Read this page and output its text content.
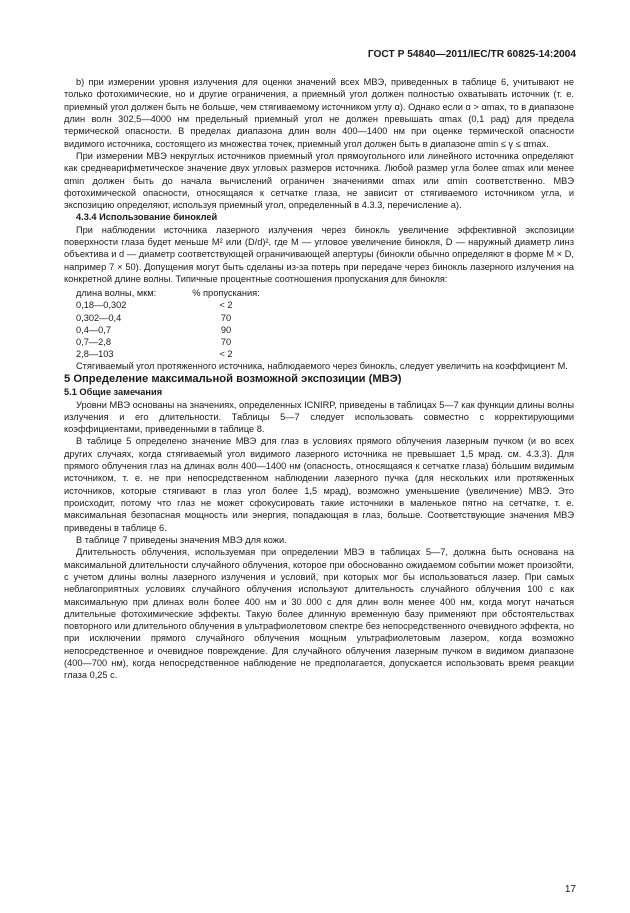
ГОСТ Р 54840—2011/IEC/TR 60825-14:2004

b) при измерении уровня излучения для оценки значений всех МВЭ, приведенных в таблице 6, учитывают не только фотохимические, но и другие ограничения, а приемный угол должен полностью охватывать источник (т. е. приемный угол должен быть не больше, чем стягиваемому источником углу α). Однако если α > αmax, то в диапазоне длин волн 302,5—4000 нм предельный приемный угол не должен превышать αmax (0,1 рад) для предела термической опасности. В пределах диапазона длин волн 400—1400 нм при оценке термической опасности видимого источника, состоящего из множества точек, приемный угол должен быть в диапазоне αmin ≤ γ ≤ αmax.

При измерении МВЭ некруглых источников приемный угол прямоугольного или линейного источника определяют как среднеарифметическое значение двух угловых размеров источника. Любой размер угла более αmax или менее αmin должен быть до начала вычислений ограничен значениями αmax или αmin соответственно. МВЭ фотохимической опасности, относящаяся к сетчатке глаза, не зависит от стягиваемого источником угла, и экспозицию определяют, используя приемный угол, определенный в 4.3.3, перечисление а).

4.3.4 Использование биноклей

При наблюдении источника лазерного излучения через бинокль увеличение эффективной экспозиции поверхности глаза будет меньше M² или (D/d)², где M — угловое увеличение бинокля, D — наружный диаметр линз объектива и d — диаметр соответствующей ограничивающей апертуры (бинокли обычно определяют в форме M × D, например 7 × 50). Допущения могут быть сделаны из-за потерь при передаче через бинокль лазерного излучения на конкретной длине волны. Типичные процентные соотношения пропускания для бинокля:

длина волны, мкм:	% пропускания:
0,18—0,302	< 2
0,302—0,4	70
0,4—0,7	90
0,7—2,8	70
2,8—103	< 2

Стягиваемый угол протяженного источника, наблюдаемого через бинокль, следует увеличить на коэффициент M.

5 Определение максимальной возможной экспозиции (МВЭ)

5.1 Общие замечания

Уровни МВЭ основаны на значениях, определенных ICNIRP, приведены в таблицах 5—7 как функции длины волны излучения и его длительности. Таблицы 5—7 следует использовать совместно с корректирующими коэффициентами, приведенными в таблице 8.

В таблице 5 определено значение МВЭ для глаз в условиях прямого облучения лазерным пучком (и во всех других случаях, когда стягиваемый угол видимого лазерного источника не превышает 1,5 мрад. см. 4.3.3). Для прямого облучения глаз на длинах волн 400—1400 нм (опасность, относящаяся к сетчатке глаза) бо́льшим видимым источником, т. е. не при непосредственном наблюдении лазерного пучка (для нескольких или протяженных источников, которые стягивают в глаз угол более 1,5 мрад), возможно уменьшение (увеличение) МВЭ. Это происходит, потому что глаз не может сфокусировать такие источники в маленькое пятно на сетчатке, т. е. максимальная безопасная мощность или энергия, попадающая в глаз, больше. Соответствующие значения МВЭ приведены в таблице 6.

В таблице 7 приведены значения МВЭ для кожи.

Длительность облучения, используемая при определении МВЭ в таблицах 5—7, должна быть основана на максимальной длительности случайного облучения, которое при обоснованно ожидаемом событии может произойти, с учетом длины волны лазерного излучения и условий, при которых мог бы использоваться лазер. При самых неблагоприятных условиях случайного облучения используют длительность случайного облучения 100 с как максимальную при длинах волн более 400 нм и 30 000 с для длин волн менее 400 нм, когда могут начаться длительные фотохимические эффекты. Такую более длинную временную базу применяют при обстоятельствах повторного или длительного облучения в ультрафиолетовом спектре без непосредственного очевидного эффекта, но при исключении прямого случайного облучения мощным ультрафиолетовым лазером, когда возможно непосредственное и очевидное повреждение. Для случайного облучения лазерным пучком в видимом диапазоне (400—700 нм), когда непосредственное наблюдение не предполагается, допускается использовать время реакции глаза 0,25 с.

17
